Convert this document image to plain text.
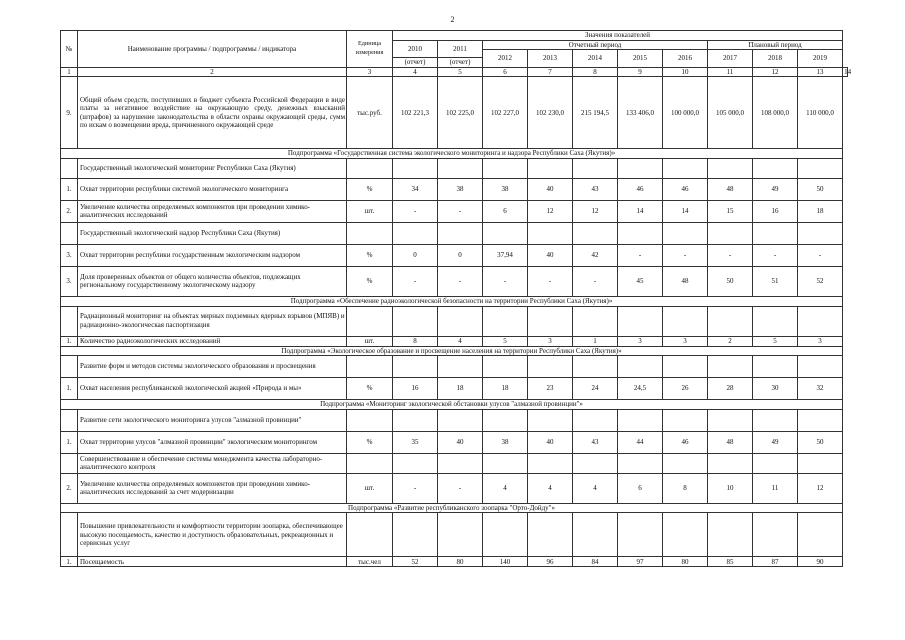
2
№	Наименование программы / подпрограммы / индикатора	Единица измерения	Значения показателей										
			2010	2011	Отчетный период					Плановый период			
					2012	2013	2014	2015	2016	2017	2018	2019	
			(отчет)	(отчет)									
1	2	3	4	5	6	7	8	9	10	11	12	13	14
9.	Общий объем средств, поступивших в бюджет субъекта Российской Федерации в виде платы за негативное воздействие на окружающую среду, денежных взысканий (штрафов) за нарушение законодательства в области охраны окружающей среды, сумм по искам о возмещении вреда, причиненного окружающей среде	тыс.руб.	102 221,3	102 225,0	102 227,0	102 230,0	215 194,5	133 406,0	100 000,0	105 000,0	108 000,0	110 000,0	
Подпрограмма «Государственная система экологического мониторинга и надзора Республики Саха (Якутия)»													
	Государственный экологический мониторинг Республики Саха (Якутия)												
1.	Охват территории республики системой экологического мониторинга	%	34	38	38	40	43	46	46	48	49	50	
2.	Увеличение количества определяемых компонентов при проведении химико-аналитических исследований	шт.	-	-	6	12	12	14	14	15	16	18	
	Государственный экологический надзор Республики Саха (Якутия)												
3.	Охват территории республики государственным экологическим надзором	%	0	0	37,94	40	42	-	-	-	-	-	
3.	Доля проверенных объектов от общего количества объектов, подлежащих региональному государственному экологическому надзору	%	-	-	-	-	-	45	48	50	51	52	
Подпрограмма «Обеспечение радиоэкологической безопасности на территории Республики Саха (Якутия)»													
	Радиационный мониторинг на объектах мирных подземных ядерных взрывов (МПЯВ) и радиационно-экологическая паспортизация												
1.	Количество радиоэкологических исследований	шт.	8	4	5	3	1	3	3	2	5	3	
Подпрограмма «Экологическое образование и просвещение населения на территории Республики Саха (Якутия)»													
	Развитие форм и методов системы экологического образования и просвещения												
1.	Охват населения республиканской экологической акцией «Природа и мы»	%	16	18	18	23	24	24,5	26	28	30	32	
Подпрограмма «Мониторинг экологической обстановки улусов "алмазной провинции"»													
	Развитие сети экологического мониторинга улусов "алмазной провинции"												
1.	Охват территории улусов "алмазной провинции" экологическим мониторингом	%	35	40	38	40	43	44	46	48	49	50	
	Совершенствование и обеспечение системы менеджмента качества лабораторно-аналитического контроля												
2.	Увеличение количества определяемых компонентов при проведении химико-аналитических исследований за счет модернизации	шт.	-	-	4	4	4	6	8	10	11	12	
Подпрограмма «Развитие республиканского зоопарка "Орто-Дойду"»													
	Повышение привлекательности и комфортности территории зоопарка, обеспечивающее высокую посещаемость, качество и доступность образовательных, рекреационных и сервисных услуг												
1.	Посещаемость	тыс.чел	52	80	140	96	84	97	80	85	87	90	
